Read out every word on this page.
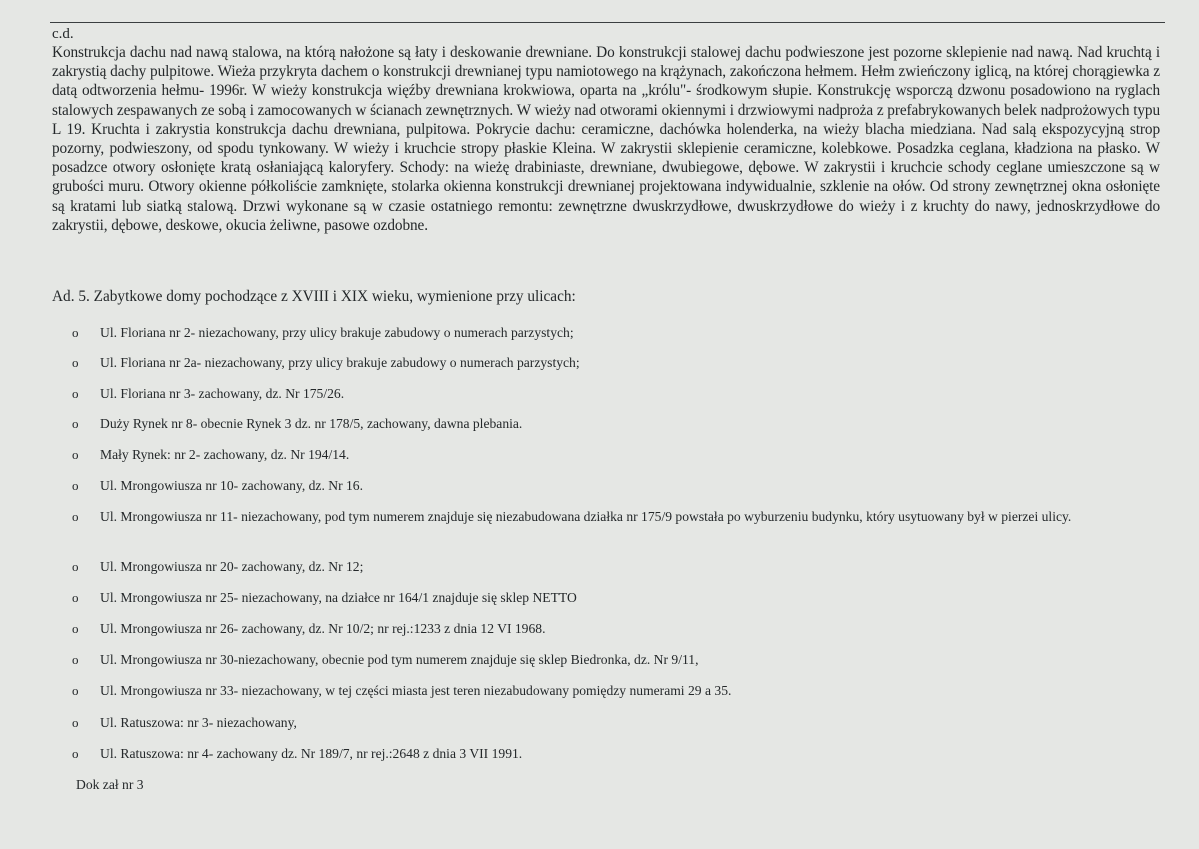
c.d.
Konstrukcja dachu nad nawą stalowa, na którą nałożone są łaty i deskowanie drewniane. Do konstrukcji stalowej dachu podwieszone jest pozorne sklepienie nad nawą. Nad kruchtą i zakrystią dachy pulpitowe. Wieża przykryta dachem o konstrukcji drewnianej typu namiotowego na krążynach, zakończona hełmem. Hełm zwieńczony iglicą, na której chorągiewka z datą odtworzenia hełmu- 1996r. W wieży konstrukcja więźby drewniana krokwiowa, oparta na „królu"- środkowym słupie. Konstrukcję wsporczą dzwonu posadowiono na ryglach stalowych zespawanych ze sobą i zamocowanych w ścianach zewnętrznych. W wieży nad otworami okiennymi i drzwiowymi nadproża z prefabrykowanych belek nadprożowych typu L 19. Kruchta i zakrystia konstrukcja dachu drewniana, pulpitowa. Pokrycie dachu: ceramiczne, dachówka holenderka, na wieży blacha miedziana. Nad salą ekspozycyjną strop pozorny, podwieszony, od spodu tynkowany. W wieży i kruchcie stropy płaskie Kleina. W zakrystii sklepienie ceramiczne, kolebkowe. Posadzka ceglana, kładziona na płasko. W posadzce otwory osłonięte kratą osłaniającą kaloryfery. Schody: na wieżę drabiniaste, drewniane, dwubiegowe, dębowe. W zakrystii i kruchcie schody ceglane umieszczone są w grubości muru. Otwory okienne półkoliście zamknięte, stolarka okienna konstrukcji drewnianej projektowana indywidualnie, szklenie na ołów. Od strony zewnętrznej okna osłonięte są kratami lub siatką stalową. Drzwi wykonane są w czasie ostatniego remontu: zewnętrzne dwuskrzydłowe, dwuskrzydłowe do wieży i z kruchty do nawy, jednoskrzydłowe do zakrystii, dębowe, deskowe, okucia żeliwne, pasowe ozdobne.
Ad. 5. Zabytkowe domy pochodzące z XVIII i XIX wieku, wymienione przy ulicach:
o Ul. Floriana nr 2- niezachowany, przy ulicy brakuje zabudowy o numerach parzystych;
o Ul. Floriana nr 2a- niezachowany, przy ulicy brakuje zabudowy o numerach parzystych;
o Ul. Floriana nr 3- zachowany, dz. Nr 175/26.
o Duży Rynek nr 8- obecnie Rynek 3 dz. nr 178/5, zachowany, dawna plebania.
o Mały Rynek: nr 2- zachowany, dz. Nr 194/14.
o Ul. Mrongowiusza nr 10- zachowany, dz. Nr 16.
o Ul. Mrongowiusza nr 11- niezachowany, pod tym numerem znajduje się niezabudowana działka nr 175/9 powstała po wyburzeniu budynku, który usytuowany był w pierzei ulicy.
o Ul. Mrongowiusza nr 20- zachowany, dz. Nr 12;
o Ul. Mrongowiusza nr 25- niezachowany, na działce nr 164/1 znajduje się sklep NETTO
o Ul. Mrongowiusza nr 26- zachowany, dz. Nr 10/2; nr rej.:1233 z dnia 12 VI 1968.
o Ul. Mrongowiusza nr 30-niezachowany, obecnie pod tym numerem znajduje się sklep Biedronka, dz. Nr 9/11,
o Ul. Mrongowiusza nr 33- niezachowany, w tej części miasta jest teren niezabudowany pomiędzy numerami 29 a 35.
o Ul. Ratuszowa: nr 3- niezachowany,
o Ul. Ratuszowa: nr 4- zachowany dz. Nr 189/7, nr rej.:2648 z dnia 3 VII 1991.
Dok zał nr 3
